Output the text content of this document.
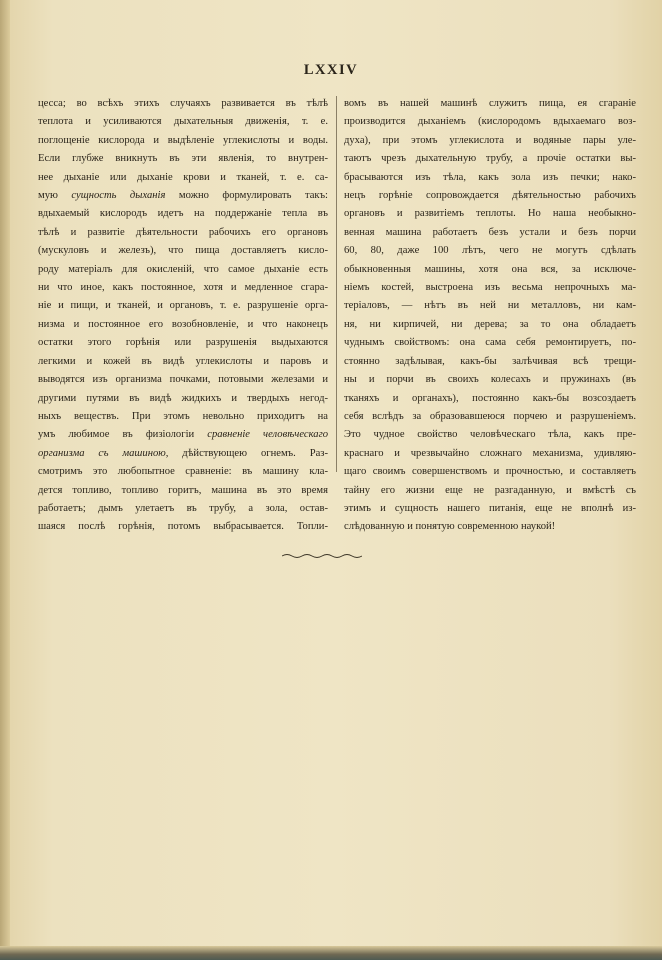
LXXIV
цесса; во всѣхъ этихъ случаяхъ развивается въ тѣлѣ
теплота и усиливаются дыхательныя движенія, т. е.
поглощеніе кислорода и выдѣленіе углекислоты и воды.
Если глубже вникнуть въ эти явленія, то внутрен-
нее дыханіе или дыханіе крови и тканей, т. е. са-
мую сущность дыханія можно формулировать такъ:
вдыхаемый кислородъ идетъ на поддержаніе тепла въ
тѣлѣ и развитіе дѣятельности рабочихъ его органовъ
(мускуловъ и железъ), что пища доставляетъ кисло-
роду матеріалъ для окисленій, что самое дыханіе есть
ни что иное, какъ постоянное, хотя и медленное сгара-
ніе и пищи, и тканей, и органовъ, т. е. разрушеніе орга-
низма и постоянное его возобновленіе, и что наконецъ
остатки этого горѣнія или разрушенія выдыхаются
легкими и кожей въ видѣ углекислоты и паровъ и
выводятся изъ организма почками, потовыми железами и
другими путями въ видѣ жидкихъ и твердыхъ негод-
ныхъ веществъ. При этомъ невольно приходитъ на
умъ любимое въ физіологіи сравненіе человѣческаго
организма съ машиною, дѣйствующею огнемъ. Раз-
смотримъ это любопытное сравненіе: въ машину кла-
дется топливо, топливо горитъ, машина въ это время
работаетъ; дымъ улетаетъ въ трубу, а зола, остав-
шаяся послѣ горѣнія, потомъ выбрасывается. Топли-
вомъ въ нашей машинѣ служитъ пища, ея сгараніе
производится дыханіемъ (кислородомъ вдыхаемаго воз-
духа), при этомъ углекислота и водяные пары уле-
таютъ чрезъ дыхательную трубу, а прочіе остатки вы-
брасываются изъ тѣла, какъ зола изъ печки; нако-
нецъ горѣніе сопровождается дѣятельностью рабочихъ
органовъ и развитіемъ теплоты. Но наша необыкно-
венная машина работаетъ безъ устали и безъ порчи
60, 80, даже 100 лѣтъ, чего не могутъ сдѣлать
обыкновенныя машины, хотя она вся, за исключе-
ніемъ костей, выстроена изъ весьма непрочныхъ ма-
теріаловъ, — нѣтъ въ ней ни металловъ, ни кам-
ня, ни кирпичей, ни дерева; за то она обладаетъ
чуднымъ свойствомъ: она сама себя ремонтируетъ, по-
стоянно задѣлывая, какъ-бы залѣчивая всѣ трещи-
ны и порчи въ своихъ колесахъ и пружинахъ (въ
тканяхъ и органахъ), постоянно какъ-бы возсоздаетъ
себя вслѣдъ за образовавшеюся порчею и разрушеніемъ.
Это чудное свойство человѣческаго тѣла, какъ пре-
краснаго и чрезвычайно сложнаго механизма, удивляю-
щаго своимъ совершенствомъ и прочностью, и составляетъ
тайну его жизни еще не разгаданную, и вмѣстѣ съ
этимъ и сущность нашего питанія, еще не вполнѣ из-
слѣдованную и понятую современною наукой!
